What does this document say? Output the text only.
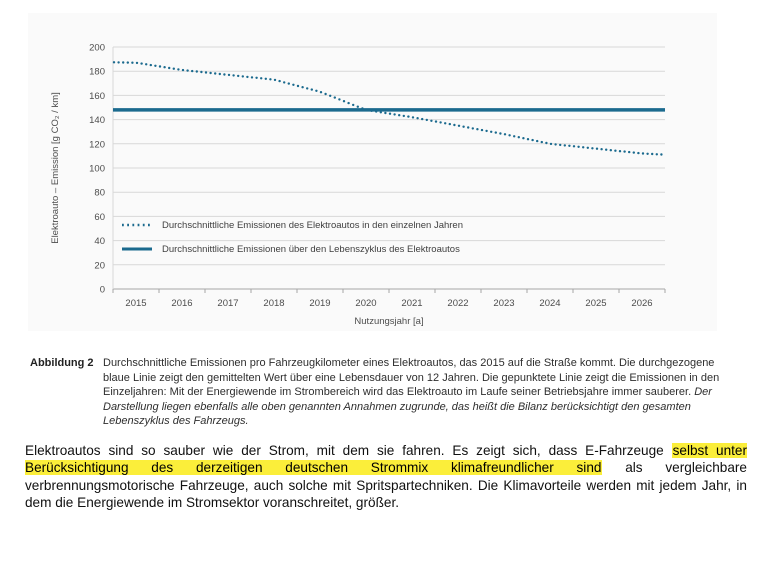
0
20
40
60
80
100
120
140
160
180
200
2015	2016	2017	2018	2019	2020	2021	2022	2023	2024	2025	2026
Nutzungsjahr [a]
Elektroauto – Emission [g CO₂ / km]	Durchschnittliche Emissionen des Elektroautos in den einzelnen Jahren
Durchschnittliche Emissionen über den Lebenszyklus des Elektroautos
Abbildung 2 Durchschnittliche Emissionen pro Fahrzeugkilometer eines Elektroautos, das 2015 auf die Straße kommt. Die durchgezogene blaue Linie zeigt den gemittelten Wert über eine Lebensdauer von 12 Jahren. Die gepunktete Linie zeigt die Emissionen in den Einzeljahren: Mit der Energiewende im Strombereich wird das Elektroauto im Laufe seiner Betriebsjahre immer sauberer. Der Darstellung liegen ebenfalls alle oben genannten Annahmen zugrunde, das heißt die Bilanz berücksichtigt den gesamten Lebenszyklus des Fahrzeugs.

Elektroautos sind so sauber wie der Strom, mit dem sie fahren. Es zeigt sich, dass E-Fahrzeuge selbst unter Berücksichtigung des derzeitigen deutschen Strommix klimafreundlicher sind als vergleichbare verbrennungsmotorische Fahrzeuge, auch solche mit Spritspartechniken. Die Klimavorteile werden mit jedem Jahr, in dem die Energiewende im Stromsektor voranschreitet, größer.
